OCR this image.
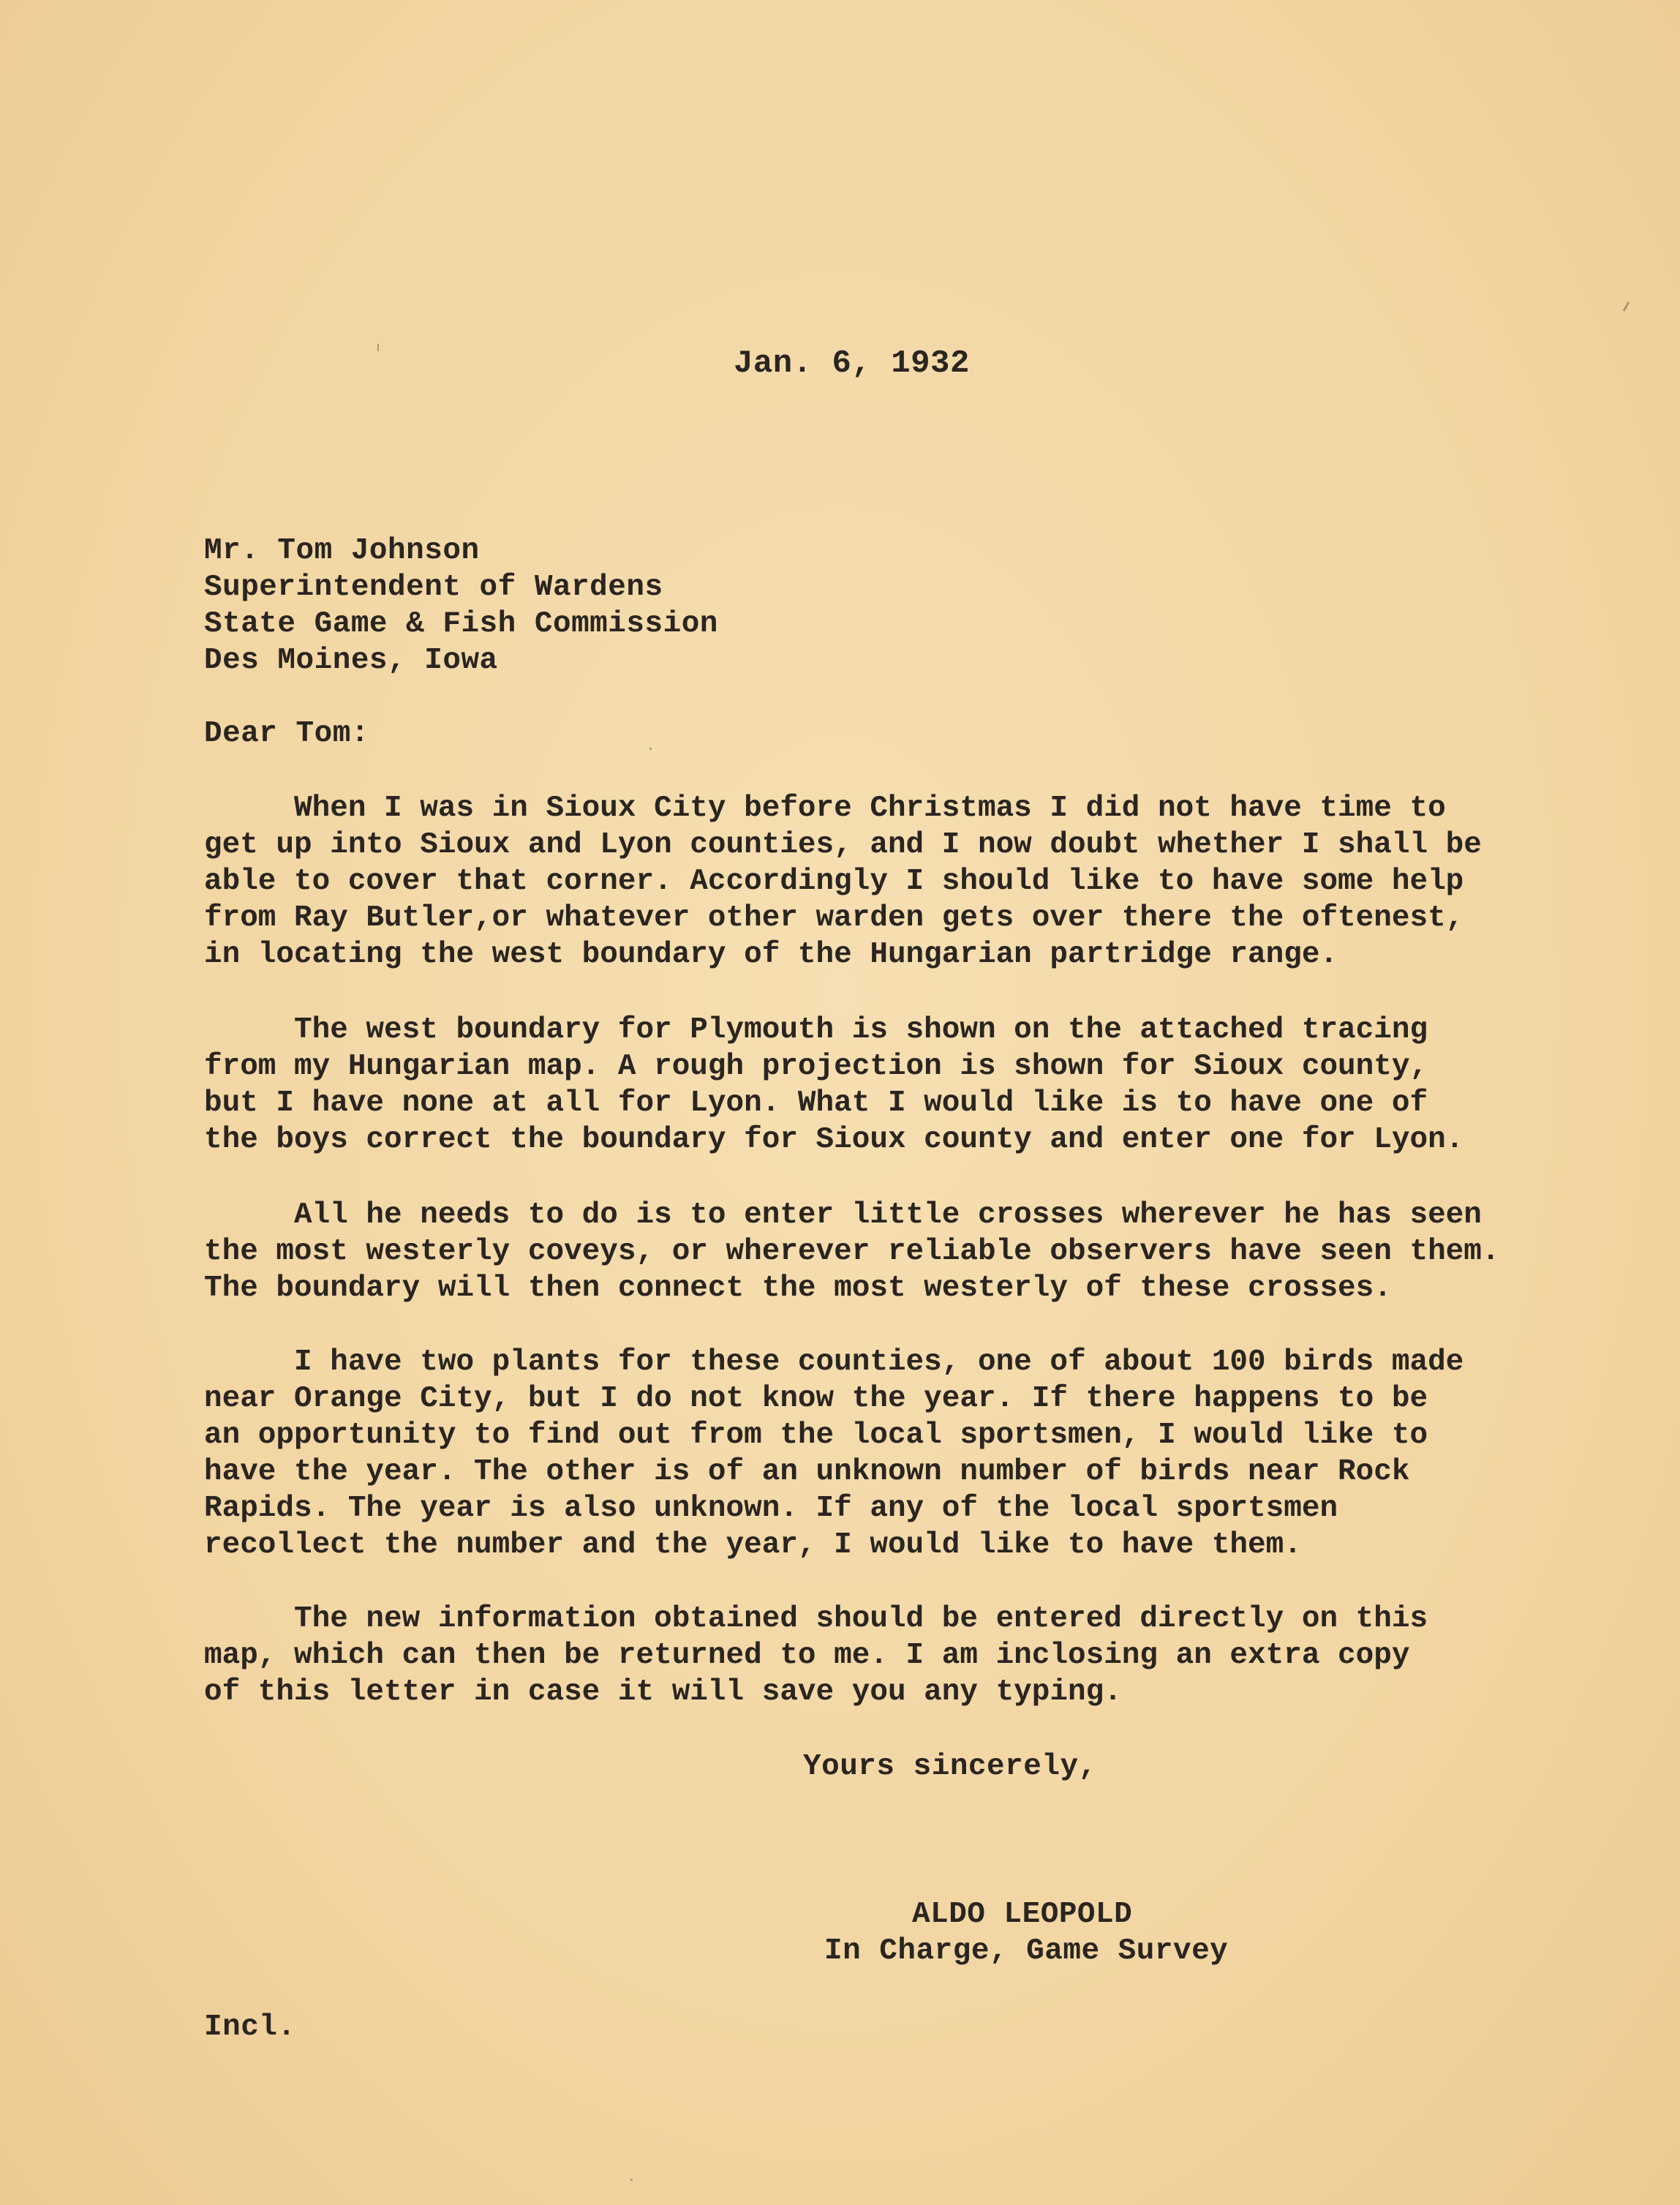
Jan. 6, 1932
Mr. Tom Johnson
Superintendent of Wardens
State Game & Fish Commission
Des Moines, Iowa
Dear Tom:
When I was in Sioux City before Christmas I did not have time to
get up into Sioux and Lyon counties, and I now doubt whether I shall be
able to cover that corner. Accordingly I should like to have some help
from Ray Butler,or whatever other warden gets over there the oftenest,
in locating the west boundary of the Hungarian partridge range.
The west boundary for Plymouth is shown on the attached tracing
from my Hungarian map. A rough projection is shown for Sioux county,
but I have none at all for Lyon. What I would like is to have one of
the boys correct the boundary for Sioux county and enter one for Lyon.
All he needs to do is to enter little crosses wherever he has seen
the most westerly coveys, or wherever reliable observers have seen them.
The boundary will then connect the most westerly of these crosses.
I have two plants for these counties, one of about 100 birds made
near Orange City, but I do not know the year. If there happens to be
an opportunity to find out from the local sportsmen, I would like to
have the year. The other is of an unknown number of birds near Rock
Rapids. The year is also unknown. If any of the local sportsmen
recollect the number and the year, I would like to have them.
The new information obtained should be entered directly on this
map, which can then be returned to me. I am inclosing an extra copy
of this letter in case it will save you any typing.
Yours sincerely,
ALDO LEOPOLD
In Charge, Game Survey
Incl.
